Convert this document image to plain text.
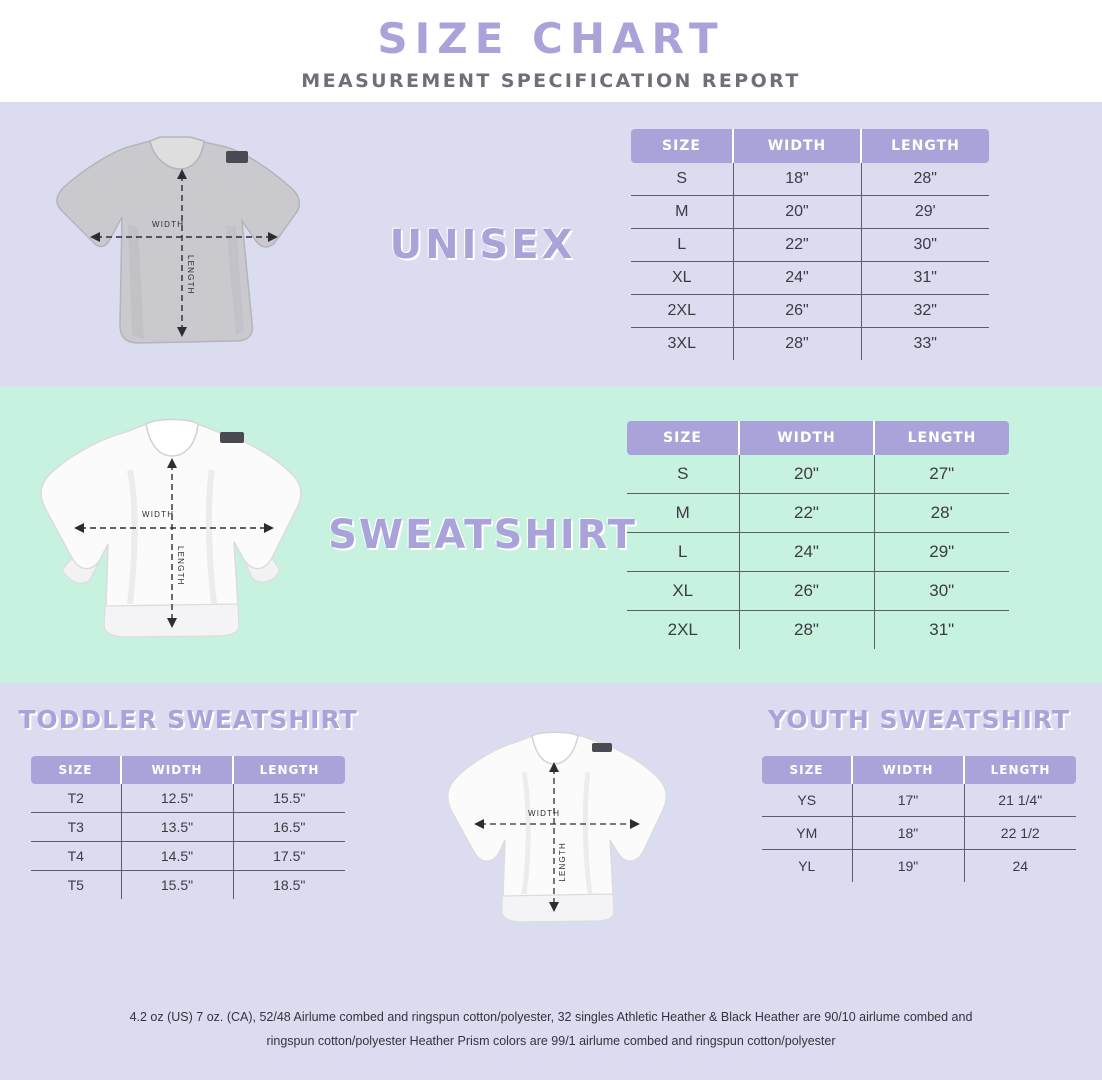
SIZE CHART
MEASUREMENT SPECIFICATION REPORT
WIDTH
LENGTH
UNISEX
SIZE	WIDTH	LENGTH
S	18"	28"
M	20"	29'
L	22"	30"
XL	24"	31"
2XL	26"	32"
3XL	28"	33"
WIDTH
LENGTH
SWEATSHIRT
SIZE	WIDTH	LENGTH
S	20"	27"
M	22"	28'
L	24"	29"
XL	26"	30"
2XL	28"	31"
TODDLER SWEATSHIRT
SIZE	WIDTH	LENGTH
T2	12.5"	15.5"
T3	13.5"	16.5"
T4	14.5"	17.5"
T5	15.5"	18.5"
WIDTH
LENGTH
YOUTH SWEATSHIRT
SIZE	WIDTH	LENGTH
YS	17"	21 1/4"
YM	18"	22 1/2
YL	19"	24

4.2 oz (US) 7 oz. (CA), 52/48 Airlume combed and ringspun cotton/polyester, 32 singles Athletic Heather & Black Heather are 90/10 airlume combed and
ringspun cotton/polyester Heather Prism colors are 99/1 airlume combed and ringspun cotton/polyester
